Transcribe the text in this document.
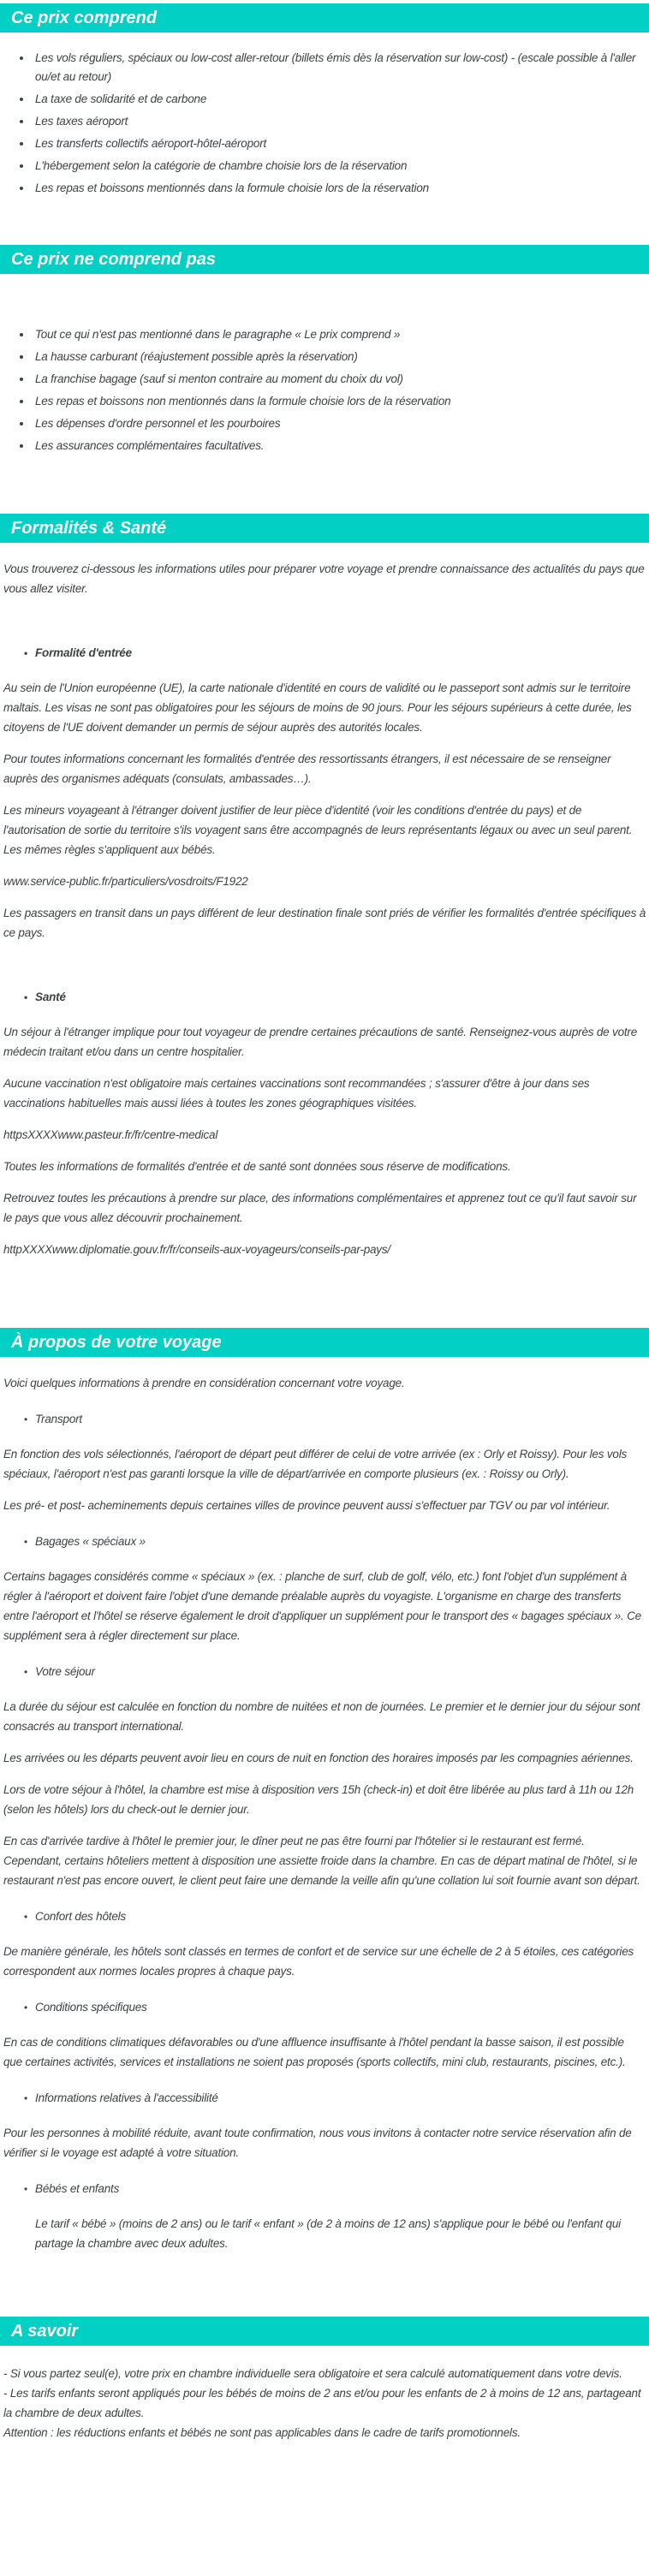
Ce prix comprend
• Les vols réguliers, spéciaux ou low-cost aller-retour (billets émis dès la réservation sur low-cost) - (escale possible à l'aller ou/et au retour)
• La taxe de solidarité et de carbone
• Les taxes aéroport
• Les transferts collectifs aéroport-hôtel-aéroport
• L'hébergement selon la catégorie de chambre choisie lors de la réservation
• Les repas et boissons mentionnés dans la formule choisie lors de la réservation
Ce prix ne comprend pas
• Tout ce qui n'est pas mentionné dans le paragraphe « Le prix comprend »
• La hausse carburant (réajustement possible après la réservation)
• La franchise bagage (sauf si menton contraire au moment du choix du vol)
• Les repas et boissons non mentionnés dans la formule choisie lors de la réservation
• Les dépenses d'ordre personnel et les pourboires
• Les assurances complémentaires facultatives.
Formalités & Santé

Vous trouverez ci-dessous les informations utiles pour préparer votre voyage et prendre connaissance des actualités du pays que vous allez visiter.

• Formalité d'entrée

Au sein de l'Union européenne (UE), la carte nationale d'identité en cours de validité ou le passeport sont admis sur le territoire maltais. Les visas ne sont pas obligatoires pour les séjours de moins de 90 jours. Pour les séjours supérieurs à cette durée, les citoyens de l'UE doivent demander un permis de séjour auprès des autorités locales.

Pour toutes informations concernant les formalités d'entrée des ressortissants étrangers, il est nécessaire de se renseigner auprès des organismes adéquats (consulats, ambassades…).

Les mineurs voyageant à l'étranger doivent justifier de leur pièce d'identité (voir les conditions d'entrée du pays) et de l'autorisation de sortie du territoire s'ils voyagent sans être accompagnés de leurs représentants légaux ou avec un seul parent. Les mêmes règles s'appliquent aux bébés.

www.service-public.fr/particuliers/vosdroits/F1922

Les passagers en transit dans un pays différent de leur destination finale sont priés de vérifier les formalités d'entrée spécifiques à ce pays.

• Santé

Un séjour à l'étranger implique pour tout voyageur de prendre certaines précautions de santé. Renseignez-vous auprès de votre médecin traitant et/ou dans un centre hospitalier.

Aucune vaccination n'est obligatoire mais certaines vaccinations sont recommandées ; s'assurer d'être à jour dans ses vaccinations habituelles mais aussi liées à toutes les zones géographiques visitées.

httpsXXXXwww.pasteur.fr/fr/centre-medical

Toutes les informations de formalités d'entrée et de santé sont données sous réserve de modifications.

Retrouvez toutes les précautions à prendre sur place, des informations complémentaires et apprenez tout ce qu'il faut savoir sur le pays que vous allez découvrir prochainement.

httpXXXXwww.diplomatie.gouv.fr/fr/conseils-aux-voyageurs/conseils-par-pays/

À propos de votre voyage

Voici quelques informations à prendre en considération concernant votre voyage.

• Transport

En fonction des vols sélectionnés, l'aéroport de départ peut différer de celui de votre arrivée (ex : Orly et Roissy). Pour les vols spéciaux, l'aéroport n'est pas garanti lorsque la ville de départ/arrivée en comporte plusieurs (ex. : Roissy ou Orly).

Les pré- et post- acheminements depuis certaines villes de province peuvent aussi s'effectuer par TGV ou par vol intérieur.

• Bagages « spéciaux »

Certains bagages considérés comme « spéciaux » (ex. : planche de surf, club de golf, vélo, etc.) font l'objet d'un supplément à régler à l'aéroport et doivent faire l'objet d'une demande préalable auprès du voyagiste. L'organisme en charge des transferts entre l'aéroport et l'hôtel se réserve également le droit d'appliquer un supplément pour le transport des « bagages spéciaux ». Ce supplément sera à régler directement sur place.

• Votre séjour

La durée du séjour est calculée en fonction du nombre de nuitées et non de journées. Le premier et le dernier jour du séjour sont consacrés au transport international.

Les arrivées ou les départs peuvent avoir lieu en cours de nuit en fonction des horaires imposés par les compagnies aériennes.

Lors de votre séjour à l'hôtel, la chambre est mise à disposition vers 15h (check-in) et doit être libérée au plus tard à 11h ou 12h (selon les hôtels) lors du check-out le dernier jour.

En cas d'arrivée tardive à l'hôtel le premier jour, le dîner peut ne pas être fourni par l'hôtelier si le restaurant est fermé. Cependant, certains hôteliers mettent à disposition une assiette froide dans la chambre. En cas de départ matinal de l'hôtel, si le restaurant n'est pas encore ouvert, le client peut faire une demande la veille afin qu'une collation lui soit fournie avant son départ.

• Confort des hôtels

De manière générale, les hôtels sont classés en termes de confort et de service sur une échelle de 2 à 5 étoiles, ces catégories correspondent aux normes locales propres à chaque pays.

• Conditions spécifiques

En cas de conditions climatiques défavorables ou d'une affluence insuffisante à l'hôtel pendant la basse saison, il est possible que certaines activités, services et installations ne soient pas proposés (sports collectifs, mini club, restaurants, piscines, etc.).

• Informations relatives à l'accessibilité

Pour les personnes à mobilité réduite, avant toute confirmation, nous vous invitons à contacter notre service réservation afin de vérifier si le voyage est adapté à votre situation.

• Bébés et enfants

Le tarif « bébé » (moins de 2 ans) ou le tarif « enfant » (de 2 à moins de 12 ans) s'applique pour le bébé ou l'enfant qui partage la chambre avec deux adultes.

A savoir

- Si vous partez seul(e), votre prix en chambre individuelle sera obligatoire et sera calculé automatiquement dans votre devis.

- Les tarifs enfants seront appliqués pour les bébés de moins de 2 ans et/ou pour les enfants de 2 à moins de 12 ans, partageant la chambre de deux adultes.

Attention : les réductions enfants et bébés ne sont pas applicables dans le cadre de tarifs promotionnels.
